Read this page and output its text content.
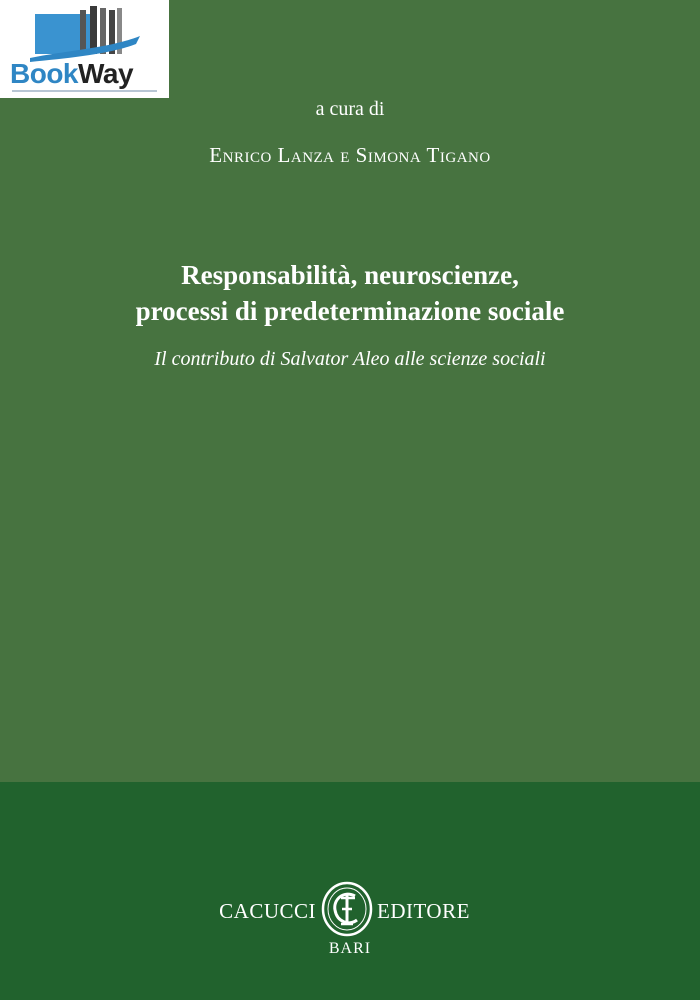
BookWay
a cura di
Enrico Lanza e Simona Tigano
Responsabilità, neuroscienze,
processi di predeterminazione sociale
Il contributo di Salvator Aleo alle scienze sociali
CACUCCI	EDITORE
BARI
